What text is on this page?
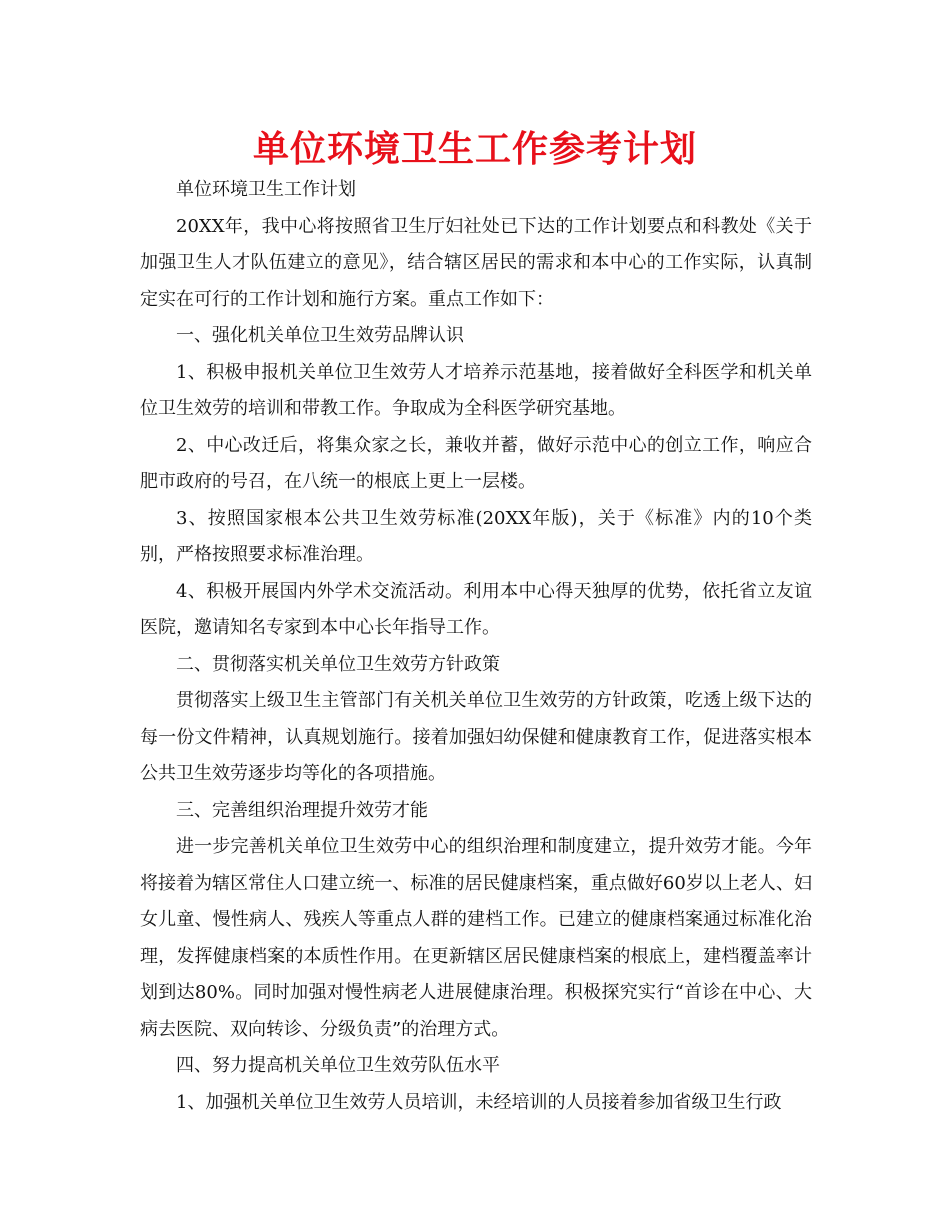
单位环境卫生工作参考计划

单位环境卫生工作计划

20XX年，我中心将按照省卫生厅妇社处已下达的工作计划要点和科教处《关于加强卫生人才队伍建立的意见》，结合辖区居民的需求和本中心的工作实际，认真制定实在可行的工作计划和施行方案。重点工作如下：

一、强化机关单位卫生效劳品牌认识

1、积极申报机关单位卫生效劳人才培养示范基地，接着做好全科医学和机关单位卫生效劳的培训和带教工作。争取成为全科医学研究基地。

2、中心改迁后，将集众家之长，兼收并蓄，做好示范中心的创立工作，响应合肥市政府的号召，在八统一的根底上更上一层楼。

3、按照国家根本公共卫生效劳标准(20XX年版)，关于《标准》内的10个类别，严格按照要求标准治理。

4、积极开展国内外学术交流活动。利用本中心得天独厚的优势，依托省立友谊医院，邀请知名专家到本中心长年指导工作。

二、贯彻落实机关单位卫生效劳方针政策

贯彻落实上级卫生主管部门有关机关单位卫生效劳的方针政策，吃透上级下达的每一份文件精神，认真规划施行。接着加强妇幼保健和健康教育工作，促进落实根本公共卫生效劳逐步均等化的各项措施。

三、完善组织治理提升效劳才能

进一步完善机关单位卫生效劳中心的组织治理和制度建立，提升效劳才能。今年将接着为辖区常住人口建立统一、标准的居民健康档案，重点做好60岁以上老人、妇女儿童、慢性病人、残疾人等重点人群的建档工作。已建立的健康档案通过标准化治理，发挥健康档案的本质性作用。在更新辖区居民健康档案的根底上，建档覆盖率计划到达80%。同时加强对慢性病老人进展健康治理。积极探究实行“首诊在中心、大病去医院、双向转诊、分级负责”的治理方式。

四、努力提高机关单位卫生效劳队伍水平

1、加强机关单位卫生效劳人员培训，未经培训的人员接着参加省级卫生行政
